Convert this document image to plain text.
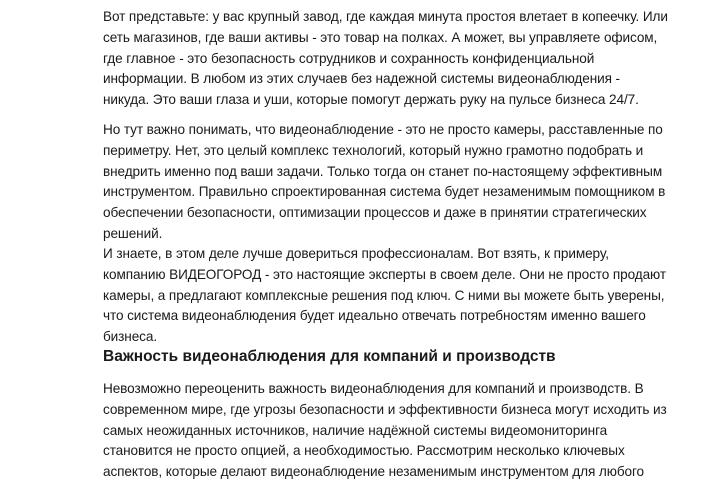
Вот представьте: у вас крупный завод, где каждая минута простоя влетает в копеечку. Или сеть магазинов, где ваши активы - это товар на полках. А может, вы управляете офисом, где главное - это безопасность сотрудников и сохранность конфиденциальной информации. В любом из этих случаев без надежной системы видеонаблюдения - никуда. Это ваши глаза и уши, которые помогут держать руку на пульсе бизнеса 24/7.

Но тут важно понимать, что видеонаблюдение - это не просто камеры, расставленные по периметру. Нет, это целый комплекс технологий, который нужно грамотно подобрать и внедрить именно под ваши задачи. Только тогда он станет по-настоящему эффективным инструментом. Правильно спроектированная система будет незаменимым помощником в обеспечении безопасности, оптимизации процессов и даже в принятии стратегических решений.

И знаете, в этом деле лучше довериться профессионалам. Вот взять, к примеру, компанию ВИДЕОГОРОД - это настоящие эксперты в своем деле. Они не просто продают камеры, а предлагают комплексные решения под ключ. С ними вы можете быть уверены, что система видеонаблюдения будет идеально отвечать потребностям именно вашего бизнеса.

Важность видеонаблюдения для компаний и производств

Невозможно переоценить важность видеонаблюдения для компаний и производств. В современном мире, где угрозы безопасности и эффективности бизнеса могут исходить из самых неожиданных источников, наличие надёжной системы видеомониторинга становится не просто опцией, а необходимостью. Рассмотрим несколько ключевых аспектов, которые делают видеонаблюдение незаменимым инструментом для любого
